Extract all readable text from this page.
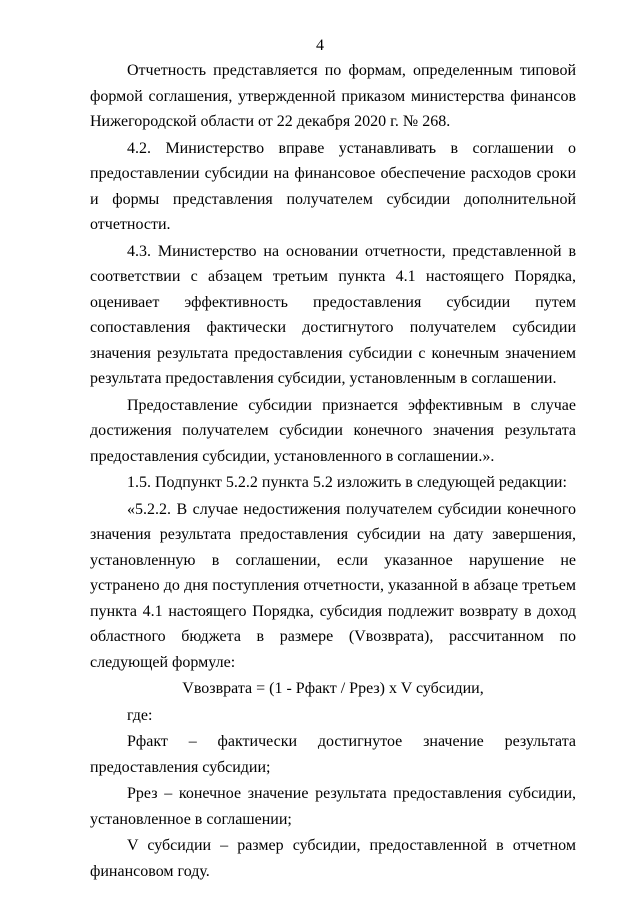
4

Отчетность представляется по формам, определенным типовой формой соглашения, утвержденной приказом министерства финансов Нижегородской области от 22 декабря 2020 г. № 268.

4.2. Министерство вправе устанавливать в соглашении о предоставлении субсидии на финансовое обеспечение расходов сроки и формы представления получателем субсидии дополнительной отчетности.

4.3. Министерство на основании отчетности, представленной в соответствии с абзацем третьим пункта 4.1 настоящего Порядка, оценивает эффективность предоставления субсидии путем сопоставления фактически достигнутого получателем субсидии значения результата предоставления субсидии с конечным значением результата предоставления субсидии, установленным в соглашении.

Предоставление субсидии признается эффективным в случае достижения получателем субсидии конечного значения результата предоставления субсидии, установленного в соглашении.».

1.5. Подпункт 5.2.2 пункта 5.2 изложить в следующей редакции:

«5.2.2. В случае недостижения получателем субсидии конечного значения результата предоставления субсидии на дату завершения, установленную в соглашении, если указанное нарушение не устранено до дня поступления отчетности, указанной в абзаце третьем пункта 4.1 настоящего Порядка, субсидия подлежит возврату в доход областного бюджета в размере (Vвозврата), рассчитанном по следующей формуле:

Vвозврата = (1 - Pфакт / Pрез) x V субсидии,

где:

Pфакт – фактически достигнутое значение результата предоставления субсидии;

Pрез – конечное значение результата предоставления субсидии, установленное в соглашении;

V субсидии – размер субсидии, предоставленной в отчетном финансовом году.
